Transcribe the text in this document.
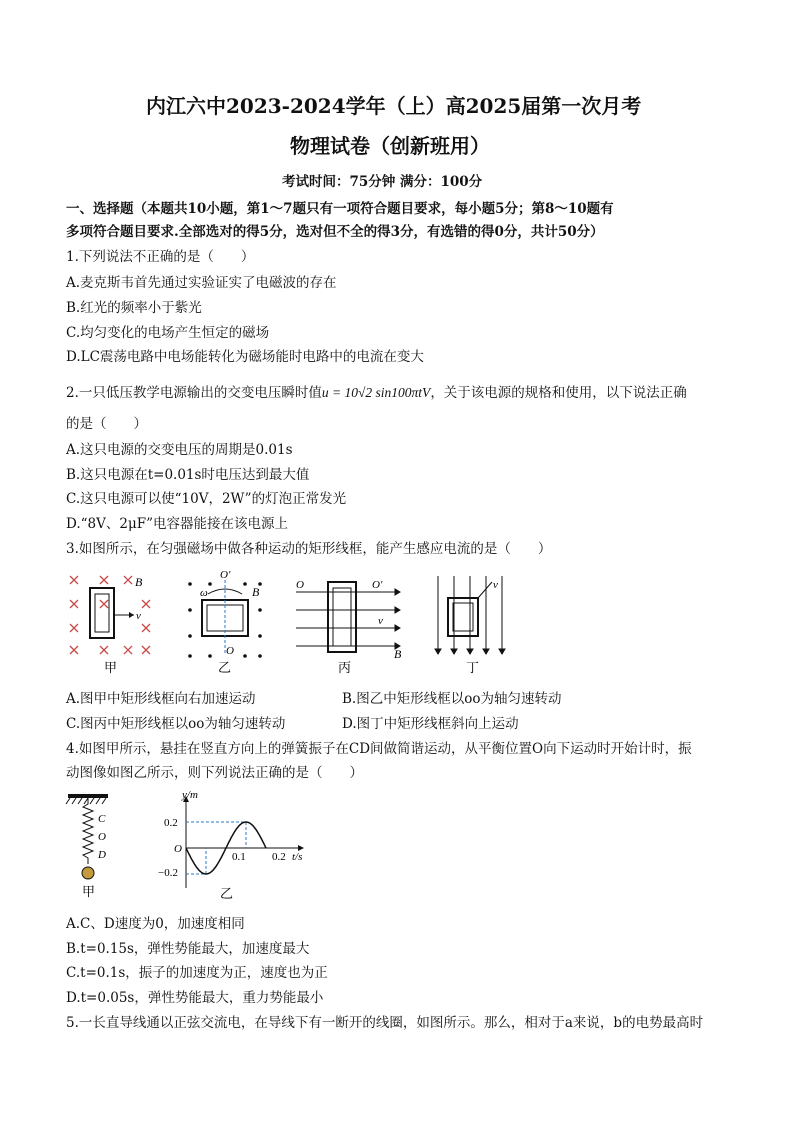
内江六中2023-2024学年（上）高2025届第一次月考
物理试卷（创新班用）
考试时间：75分钟 满分：100分
一、选择题（本题共10小题，第1～7题只有一项符合题目要求，每小题5分；第8～10题有
多项符合题目要求.全部选对的得5分，选对但不全的得3分，有选错的得0分，共计50分）
1.下列说法不正确的是（　　）
A.麦克斯韦首先通过实验证实了电磁波的存在
B.红光的频率小于紫光
C.均匀变化的电场产生恒定的磁场
D.LC震荡电路中电场能转化为磁场能时电路中的电流在变大
2.一只低压教学电源输出的交变电压瞬时值u = 10√2 sin100πtV，关于该电源的规格和使用，以下说法正确
的是（　　）
A.这只电源的交变电压的周期是0.01s
B.这只电源在t=0.01s时电压达到最大值
C.这只电源可以使“10V，2W”的灯泡正常发光
D.“8V、2μF”电容器能接在该电源上
3.如图所示，在匀强磁场中做各种运动的矩形线框，能产生感应电流的是（　　）
v
B
甲
ω
O'
O
B
乙
O	O'
v
B
丙
v
丁
A.图甲中矩形线框向右加速运动	B.图乙中矩形线框以oo为轴匀速转动
C.图丙中矩形线框以oo为轴匀速转动	D.图丁中矩形线框斜向上运动
4.如图甲所示，悬挂在竖直方向上的弹簧振子在CD间做简谐运动，从平衡位置O向下运动时开始计时，振
动图像如图乙所示，则下列说法正确的是（　　）
C
O
D
甲
y/m
t/s
0.2
O
−0.2
0.1 0.2
乙
A.C、D速度为0，加速度相同
B.t=0.15s，弹性势能最大，加速度最大
C.t=0.1s，振子的加速度为正，速度也为正
D.t=0.05s，弹性势能最大，重力势能最小
5.一长直导线通以正弦交流电，在导线下有一断开的线圈，如图所示。那么，相对于a来说，b的电势最高时
